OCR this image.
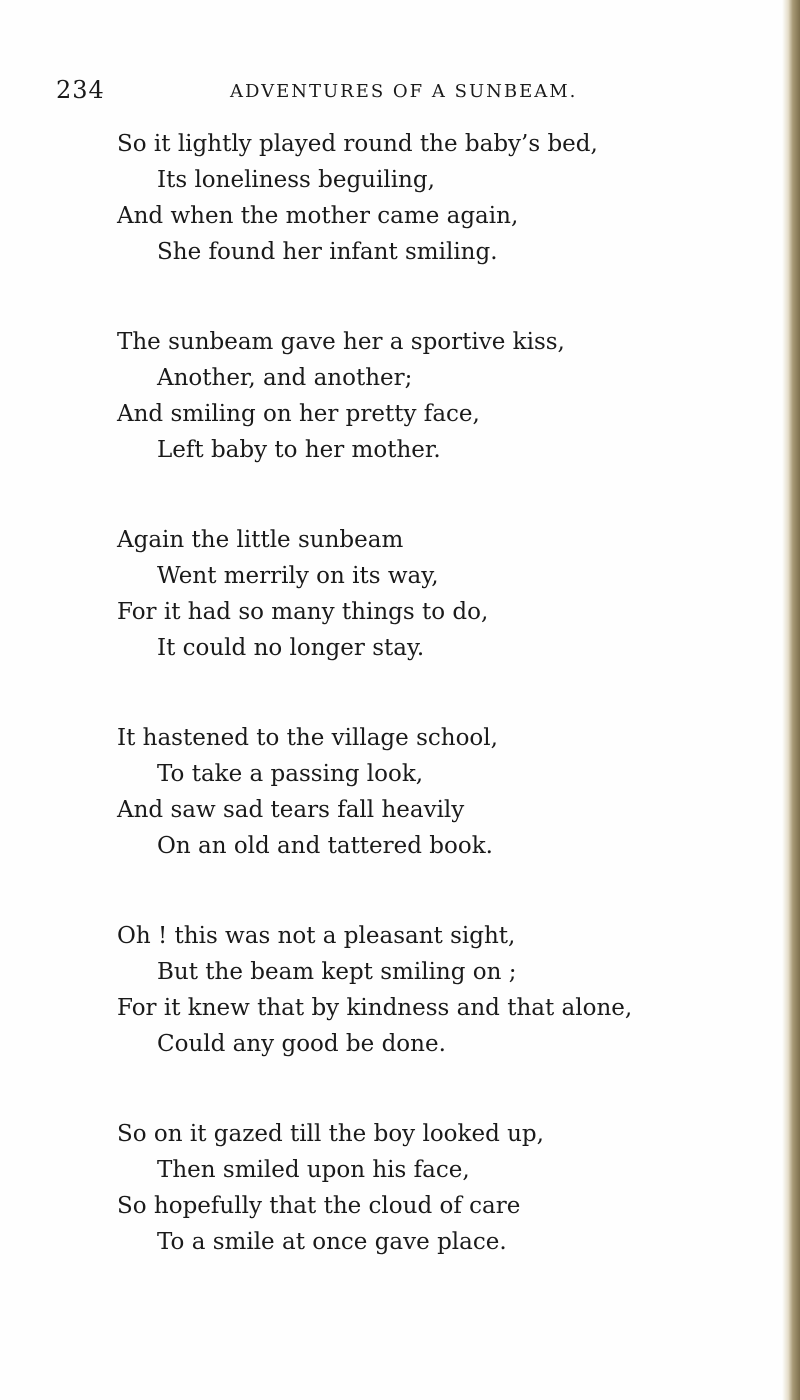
234	ADVENTURES OF A SUNBEAM.
So it lightly played round the baby’s bed,
Its loneliness beguiling,
And when the mother came again,
She found her infant smiling.
The sunbeam gave her a sportive kiss,
Another, and another;
And smiling on her pretty face,
Left baby to her mother.
Again the little sunbeam
Went merrily on its way,
For it had so many things to do,
It could no longer stay.
It hastened to the village school,
To take a passing look,
And saw sad tears fall heavily
On an old and tattered book.
Oh ! this was not a pleasant sight,
But the beam kept smiling on ;
For it knew that by kindness and that alone,
Could any good be done.
So on it gazed till the boy looked up,
Then smiled upon his face,
So hopefully that the cloud of care
To a smile at once gave place.
